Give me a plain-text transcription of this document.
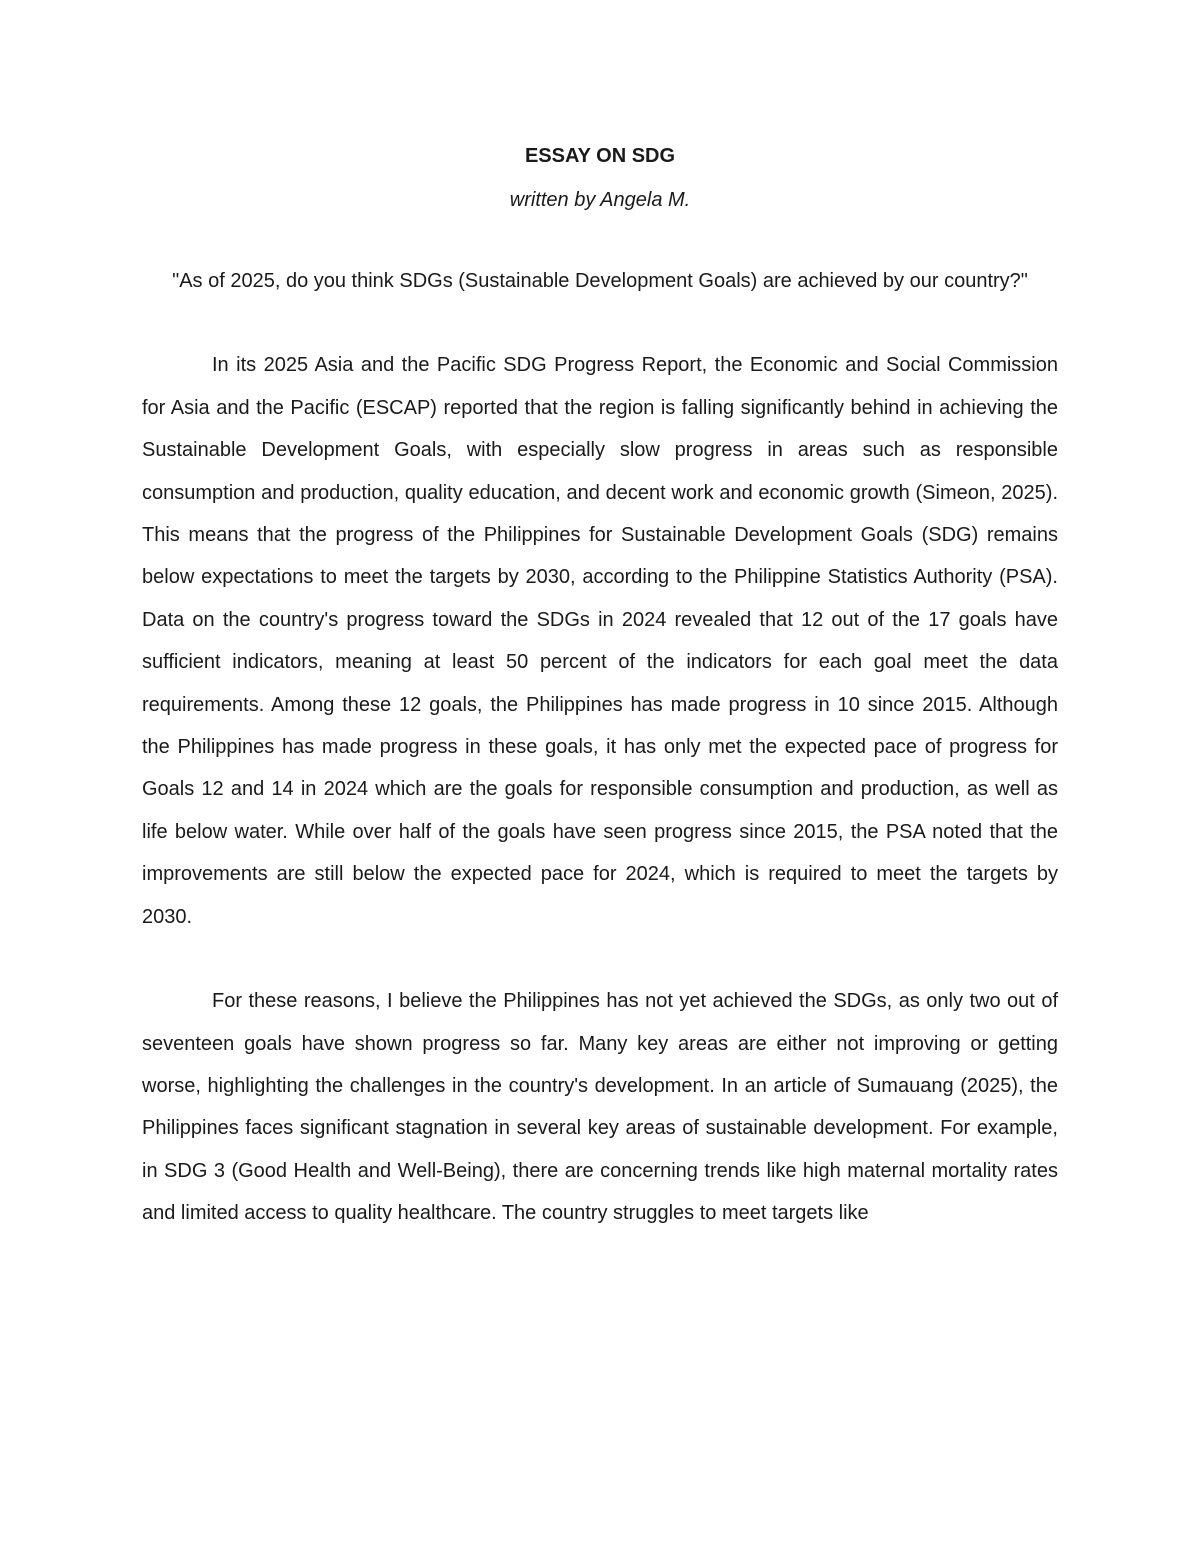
ESSAY ON SDG

written by Angela M.

"As of 2025, do you think SDGs (Sustainable Development Goals) are achieved by our country?"

In its 2025 Asia and the Pacific SDG Progress Report, the Economic and Social Commission for Asia and the Pacific (ESCAP) reported that the region is falling significantly behind in achieving the Sustainable Development Goals, with especially slow progress in areas such as responsible consumption and production, quality education, and decent work and economic growth (Simeon, 2025). This means that the progress of the Philippines for Sustainable Development Goals (SDG) remains below expectations to meet the targets by 2030, according to the Philippine Statistics Authority (PSA). Data on the country's progress toward the SDGs in 2024 revealed that 12 out of the 17 goals have sufficient indicators, meaning at least 50 percent of the indicators for each goal meet the data requirements. Among these 12 goals, the Philippines has made progress in 10 since 2015. Although the Philippines has made progress in these goals, it has only met the expected pace of progress for Goals 12 and 14 in 2024 which are the goals for responsible consumption and production, as well as life below water. While over half of the goals have seen progress since 2015, the PSA noted that the improvements are still below the expected pace for 2024, which is required to meet the targets by 2030.

For these reasons, I believe the Philippines has not yet achieved the SDGs, as only two out of seventeen goals have shown progress so far. Many key areas are either not improving or getting worse, highlighting the challenges in the country's development. In an article of Sumauang (2025), the Philippines faces significant stagnation in several key areas of sustainable development. For example, in SDG 3 (Good Health and Well-Being), there are concerning trends like high maternal mortality rates and limited access to quality healthcare. The country struggles to meet targets like
